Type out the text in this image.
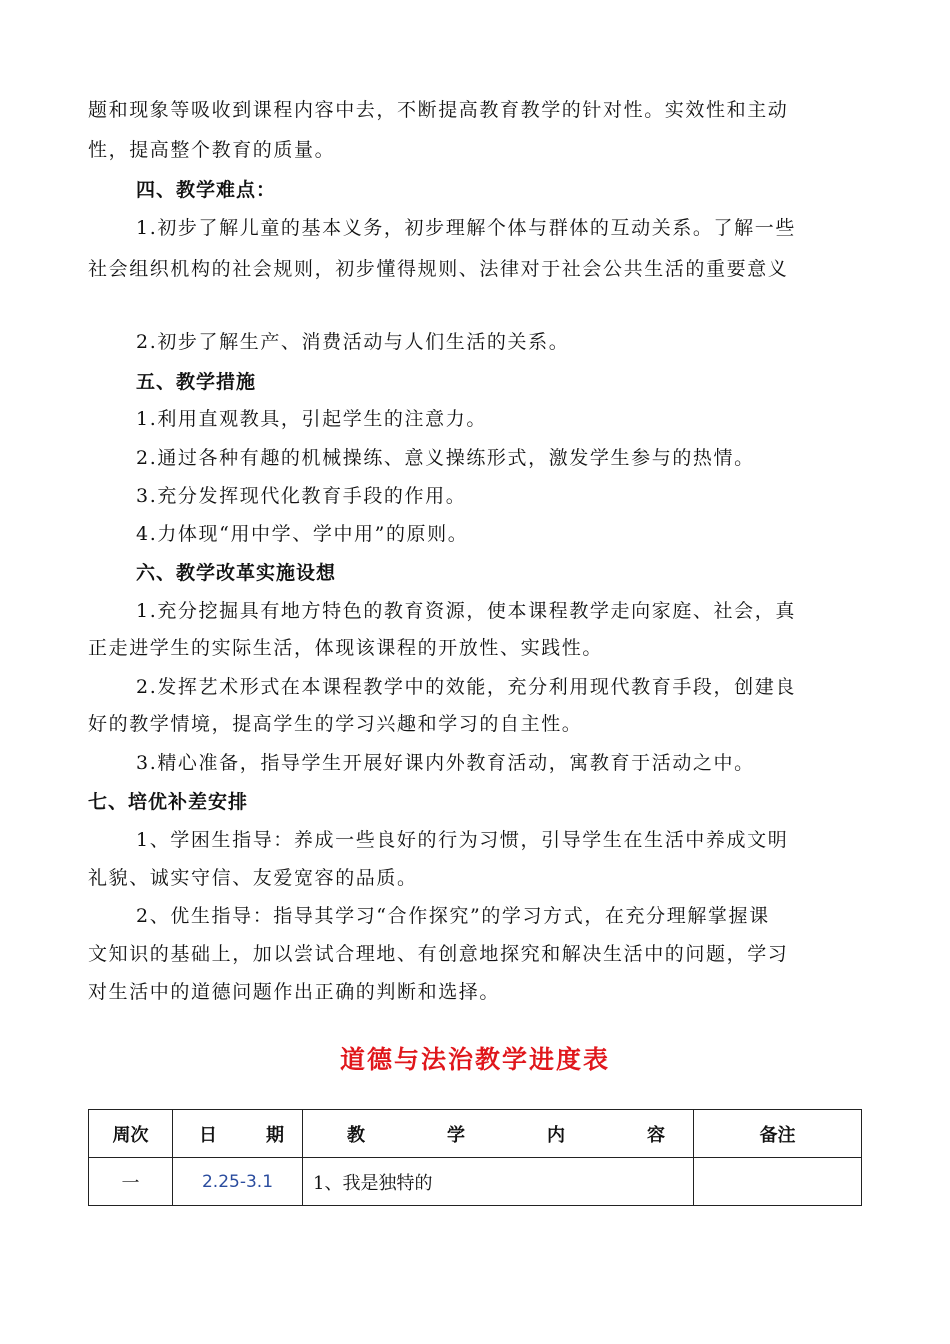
题和现象等吸收到课程内容中去，不断提高教育教学的针对性。实效性和主动
性，提高整个教育的质量。
四、教学难点：
1.初步了解儿童的基本义务，初步理解个体与群体的互动关系。了解一些
社会组织机构的社会规则，初步懂得规则、法律对于社会公共生活的重要意义
2.初步了解生产、消费活动与人们生活的关系。
五、教学措施
1.利用直观教具，引起学生的注意力。
2.通过各种有趣的机械操练、意义操练形式，激发学生参与的热情。
3.充分发挥现代化教育手段的作用。
4.力体现“用中学、学中用”的原则。
六、教学改革实施设想
1.充分挖掘具有地方特色的教育资源，使本课程教学走向家庭、社会，真
正走进学生的实际生活，体现该课程的开放性、实践性。
2.发挥艺术形式在本课程教学中的效能，充分利用现代教育手段，创建良
好的教学情境，提高学生的学习兴趣和学习的自主性。
3.精心准备，指导学生开展好课内外教育活动，寓教育于活动之中。
七、培优补差安排
1、学困生指导：养成一些良好的行为习惯，引导学生在生活中养成文明
礼貌、诚实守信、友爱宽容的品质。
2、优生指导：指导其学习“合作探究”的学习方式，在充分理解掌握课
文知识的基础上，加以尝试合理地、有创意地探究和解决生活中的问题，学习
对生活中的道德问题作出正确的判断和选择。
道德与法治教学进度表
周次	日 期	教 学 内 容	备注
一	2.25-3.1	1、我是独特的	
